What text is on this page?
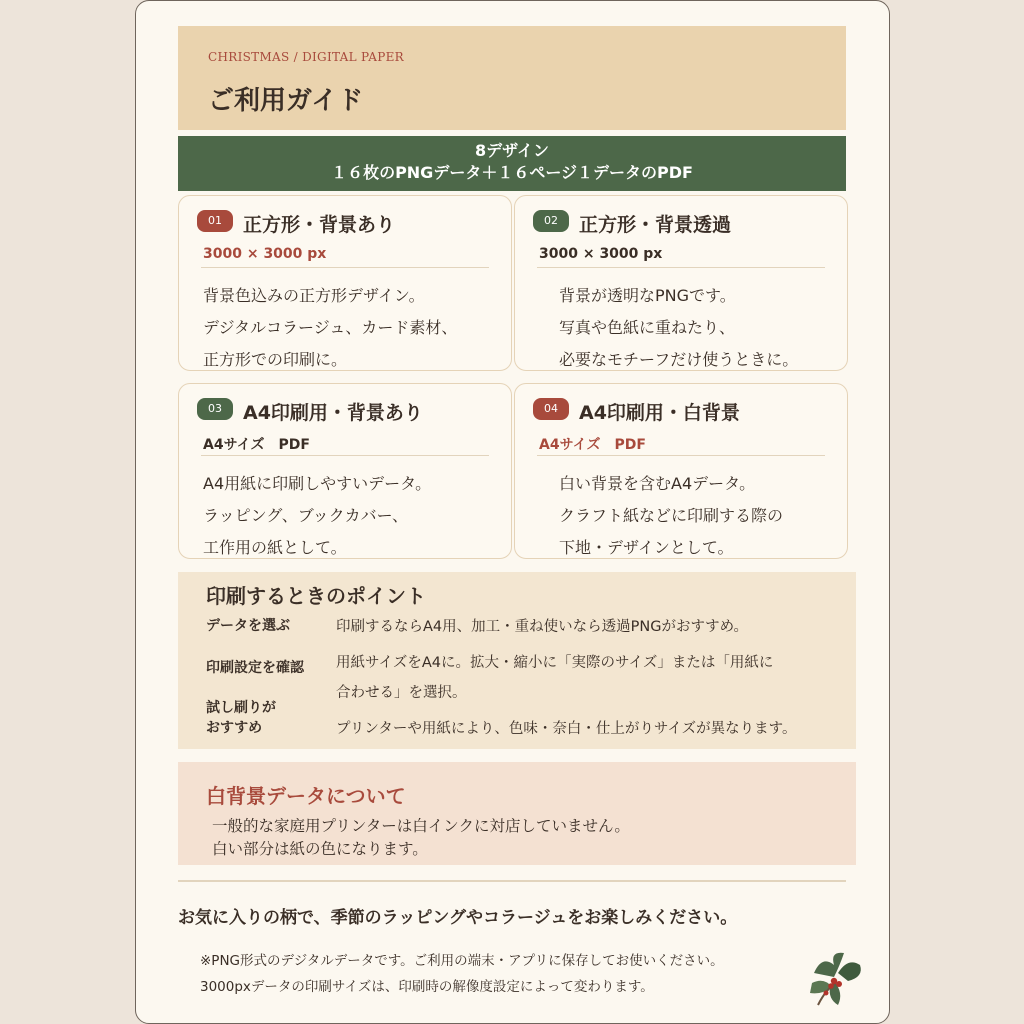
CHRISTMAS / DIGITAL PAPER
ご利用ガイド
8デザイン
１６枚のPNGデータ＋１６ページ１データのPDF
01	正方形・背景あり
3000 × 3000 px
背景色込みの正方形デザイン。
デジタルコラージュ、カード素材、
正方形での印刷に。
02	正方形・背景透過
3000 × 3000 px
背景が透明なPNGです。
写真や色紙に重ねたり、
必要なモチーフだけ使うときに。
03	A4印刷用・背景あり
A4サイズ　PDF
A4用紙に印刷しやすいデータ。
ラッピング、ブックカバー、
工作用の紙として。
04	A4印刷用・白背景
A4サイズ　PDF
白い背景を含むA4データ。
クラフト紙などに印刷する際の
下地・デザインとして。
印刷するときのポイント
データを選ぶ	印刷するならA4用、加工・重ね使いなら透過PNGがおすすめ。
印刷設定を確認 用紙サイズをA4に。拡大・縮小に「実際のサイズ」または「用紙に
合わせる」を選択。
試し刷りが
おすすめ	プリンターや用紙により、色味・奈白・仕上がりサイズが異なります。
白背景データについて
一般的な家庭用プリンターは白インクに対店していません。
白い部分は紙の色になります。
お気に入りの柄で、季節のラッピングやコラージュをお楽しみください。
※PNG形式のデジタルデータです。ご利用の端末・アプリに保存してお使いください。
3000pxデータの印刷サイズは、印刷時の解像度設定によって変わります。
